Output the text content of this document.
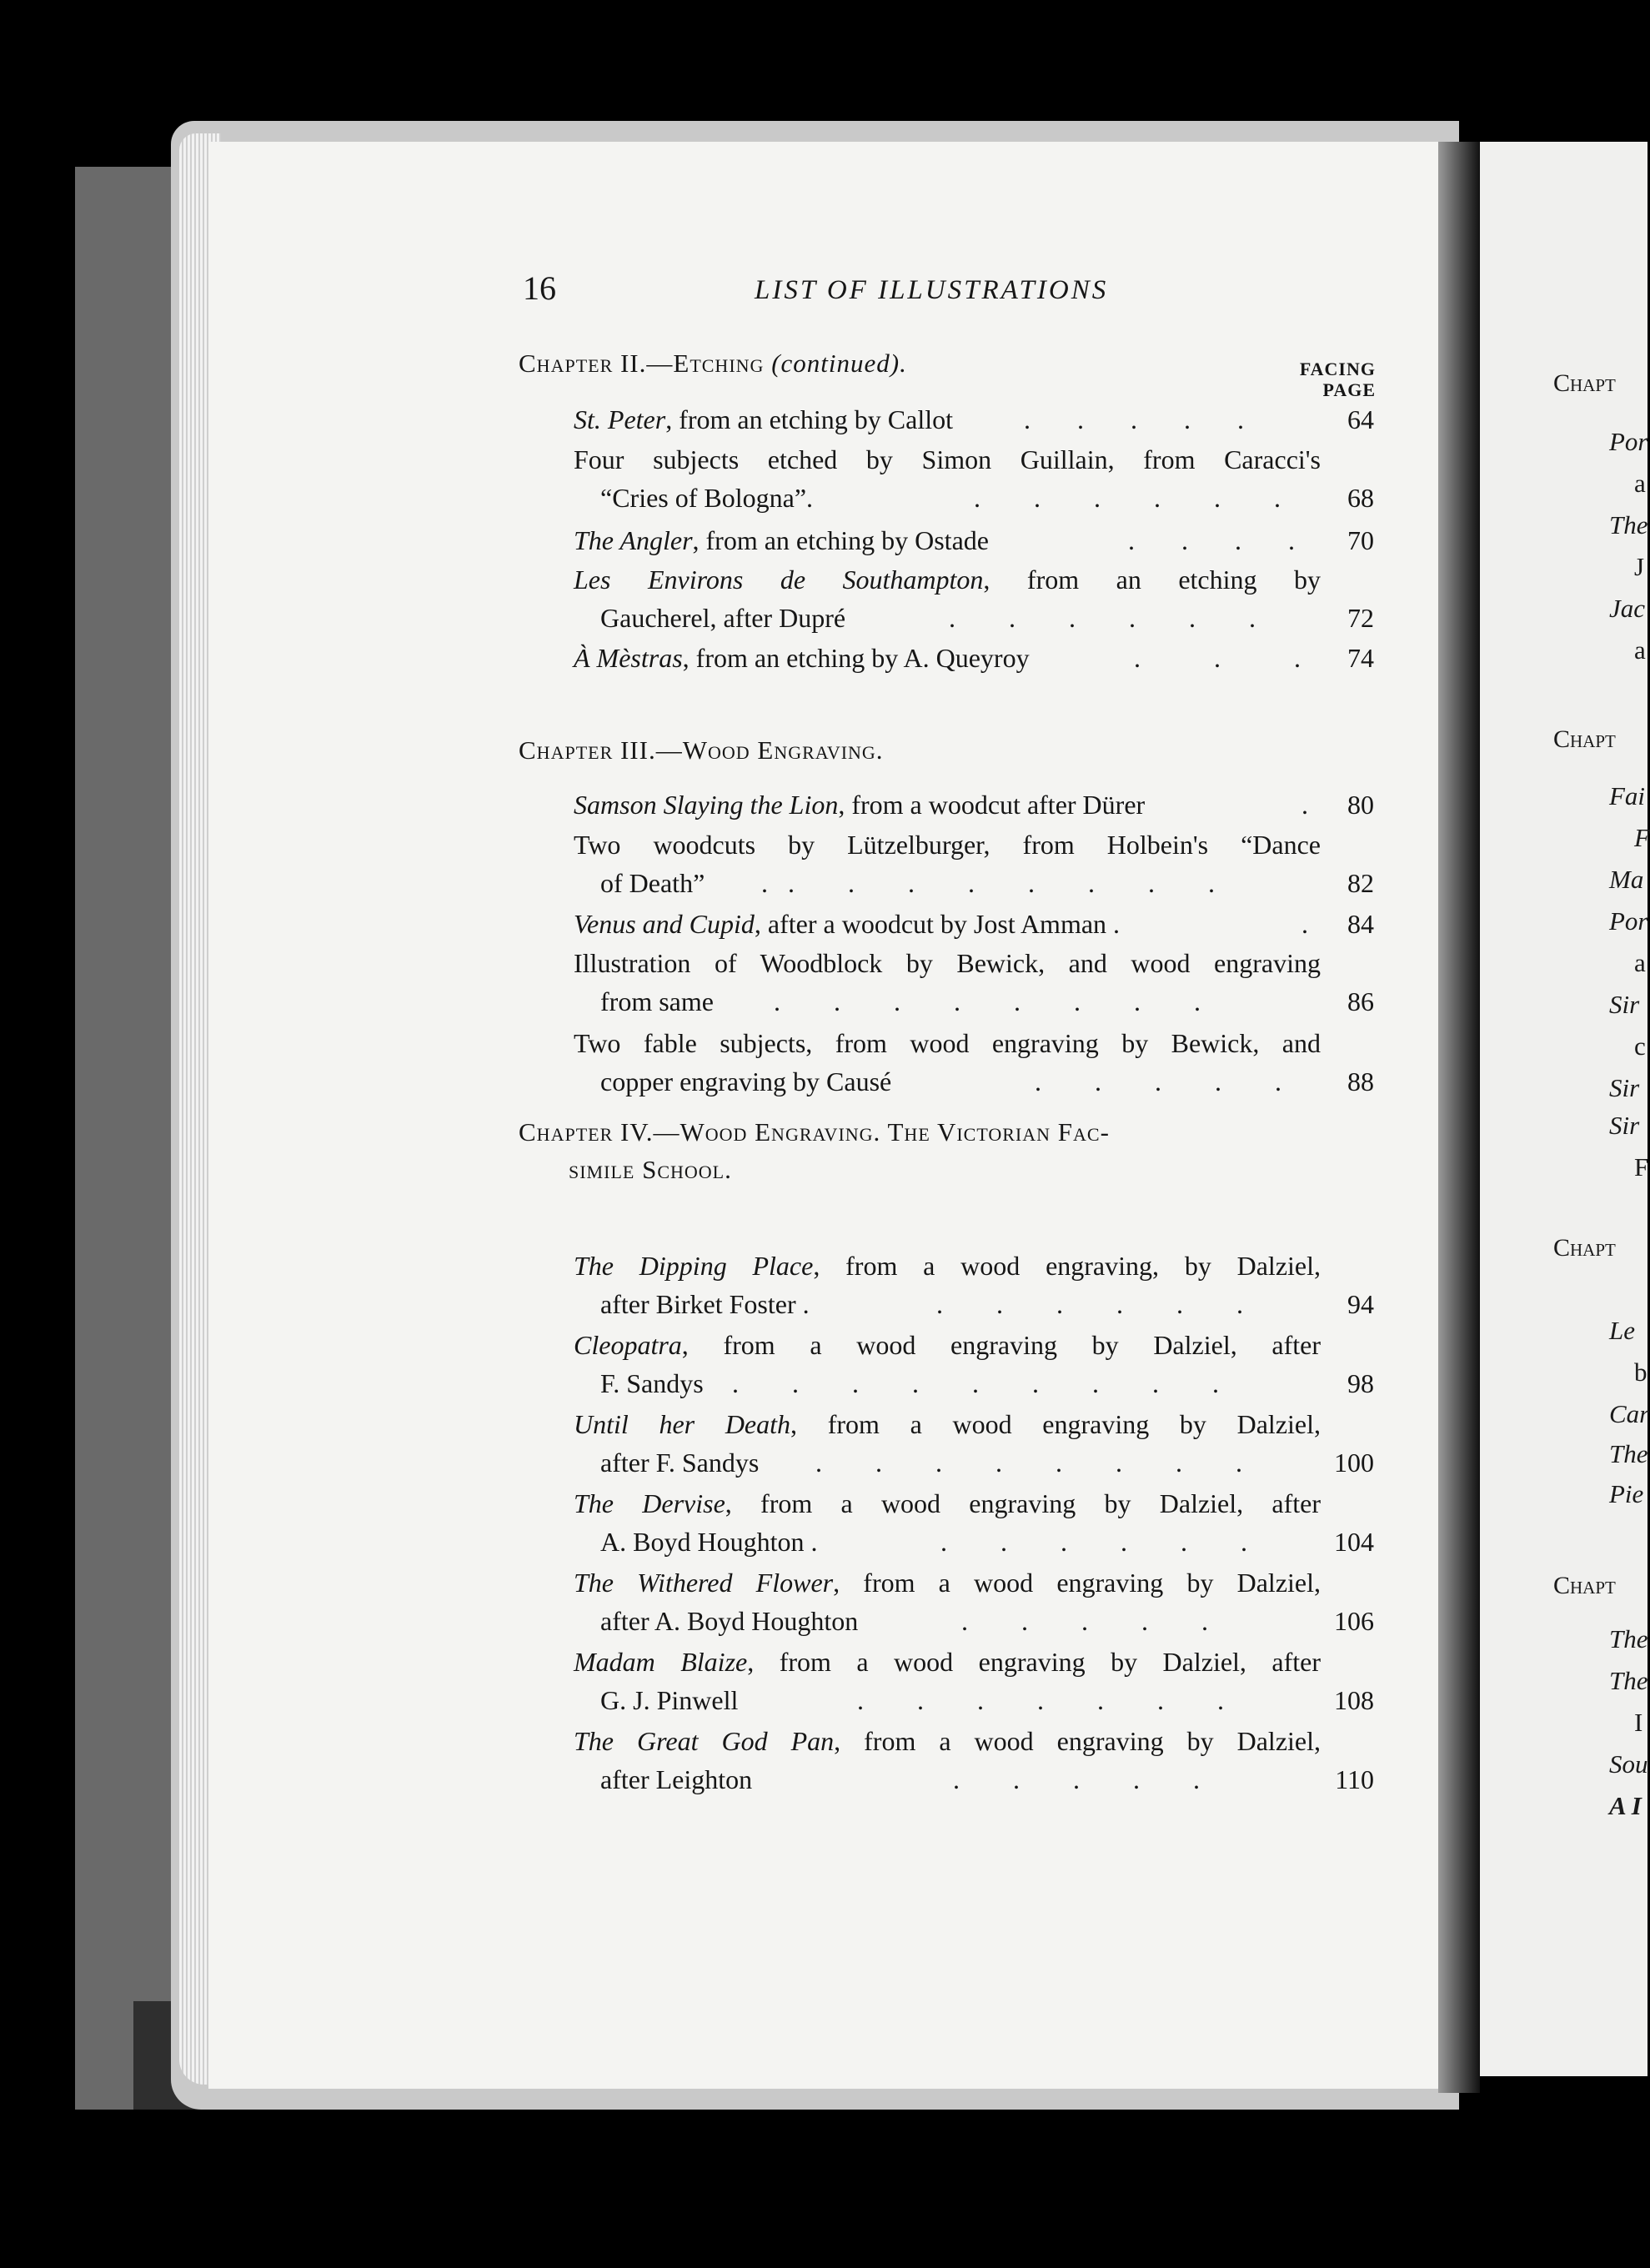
Chapt
Por
a
The
J
Jac
a
Chapt
Fai
F
Ma
Por
a
Sir
c
Sir
Sir
F
Chapt
Le
b
Car
The
Pie
Chapt
The
The
I
Sou
A I
16	LIST OF ILLUSTRATIONS
FACING
PAGE
Chapter II.—Etching (continued).
St. Peter, from an etching by Callot	.       .       .       .       .	64
Four subjects etched by Simon Guillain, from Caracci's
“Cries of Bologna”.	.        .        .        .        .        .	68
The Angler, from an etching by Ostade	.       .       .       .	70
Les Environs de Southampton, from an etching by
Gaucherel, after Dupré	.        .        .        .        .        .	72
À Mèstras, from an etching by A. Queyroy	.           .           .	74
Chapter III.—Wood Engraving.
Samson Slaying the Lion, from a woodcut after Dürer	.	80
Two woodcuts by Lützelburger, from Holbein's “Dance
of Death” .   .        .        .        .        .        .        .        .	82
Venus and Cupid, after a woodcut by Jost Amman .	.	84
Illustration of Woodblock by Bewick, and wood engraving
from same .        .        .        .        .        .        .        .	86
Two fable subjects, from wood engraving by Bewick, and
copper engraving by Causé	.        .        .        .        .	88
Chapter IV.—Wood Engraving. The Victorian Fac-
simile School.
The Dipping Place, from a wood engraving, by Dalziel,
after Birket Foster .	.        .        .        .        .        .	94
Cleopatra, from a wood engraving by Dalziel, after
F. Sandys .        .        .        .        .        .        .        .        .	98
Until her Death, from a wood engraving by Dalziel,
after F. Sandys .        .        .        .        .        .        .        .	100
The Dervise, from a wood engraving by Dalziel, after
A. Boyd Houghton .	.        .        .        .        .        .	104
The Withered Flower, from a wood engraving by Dalziel,
after A. Boyd Houghton	.        .        .        .        .	106
Madam Blaize, from a wood engraving by Dalziel, after
G. J. Pinwell	.        .        .        .        .        .        .	108
The Great God Pan, from a wood engraving by Dalziel,
after Leighton	.        .        .        .        .	110
